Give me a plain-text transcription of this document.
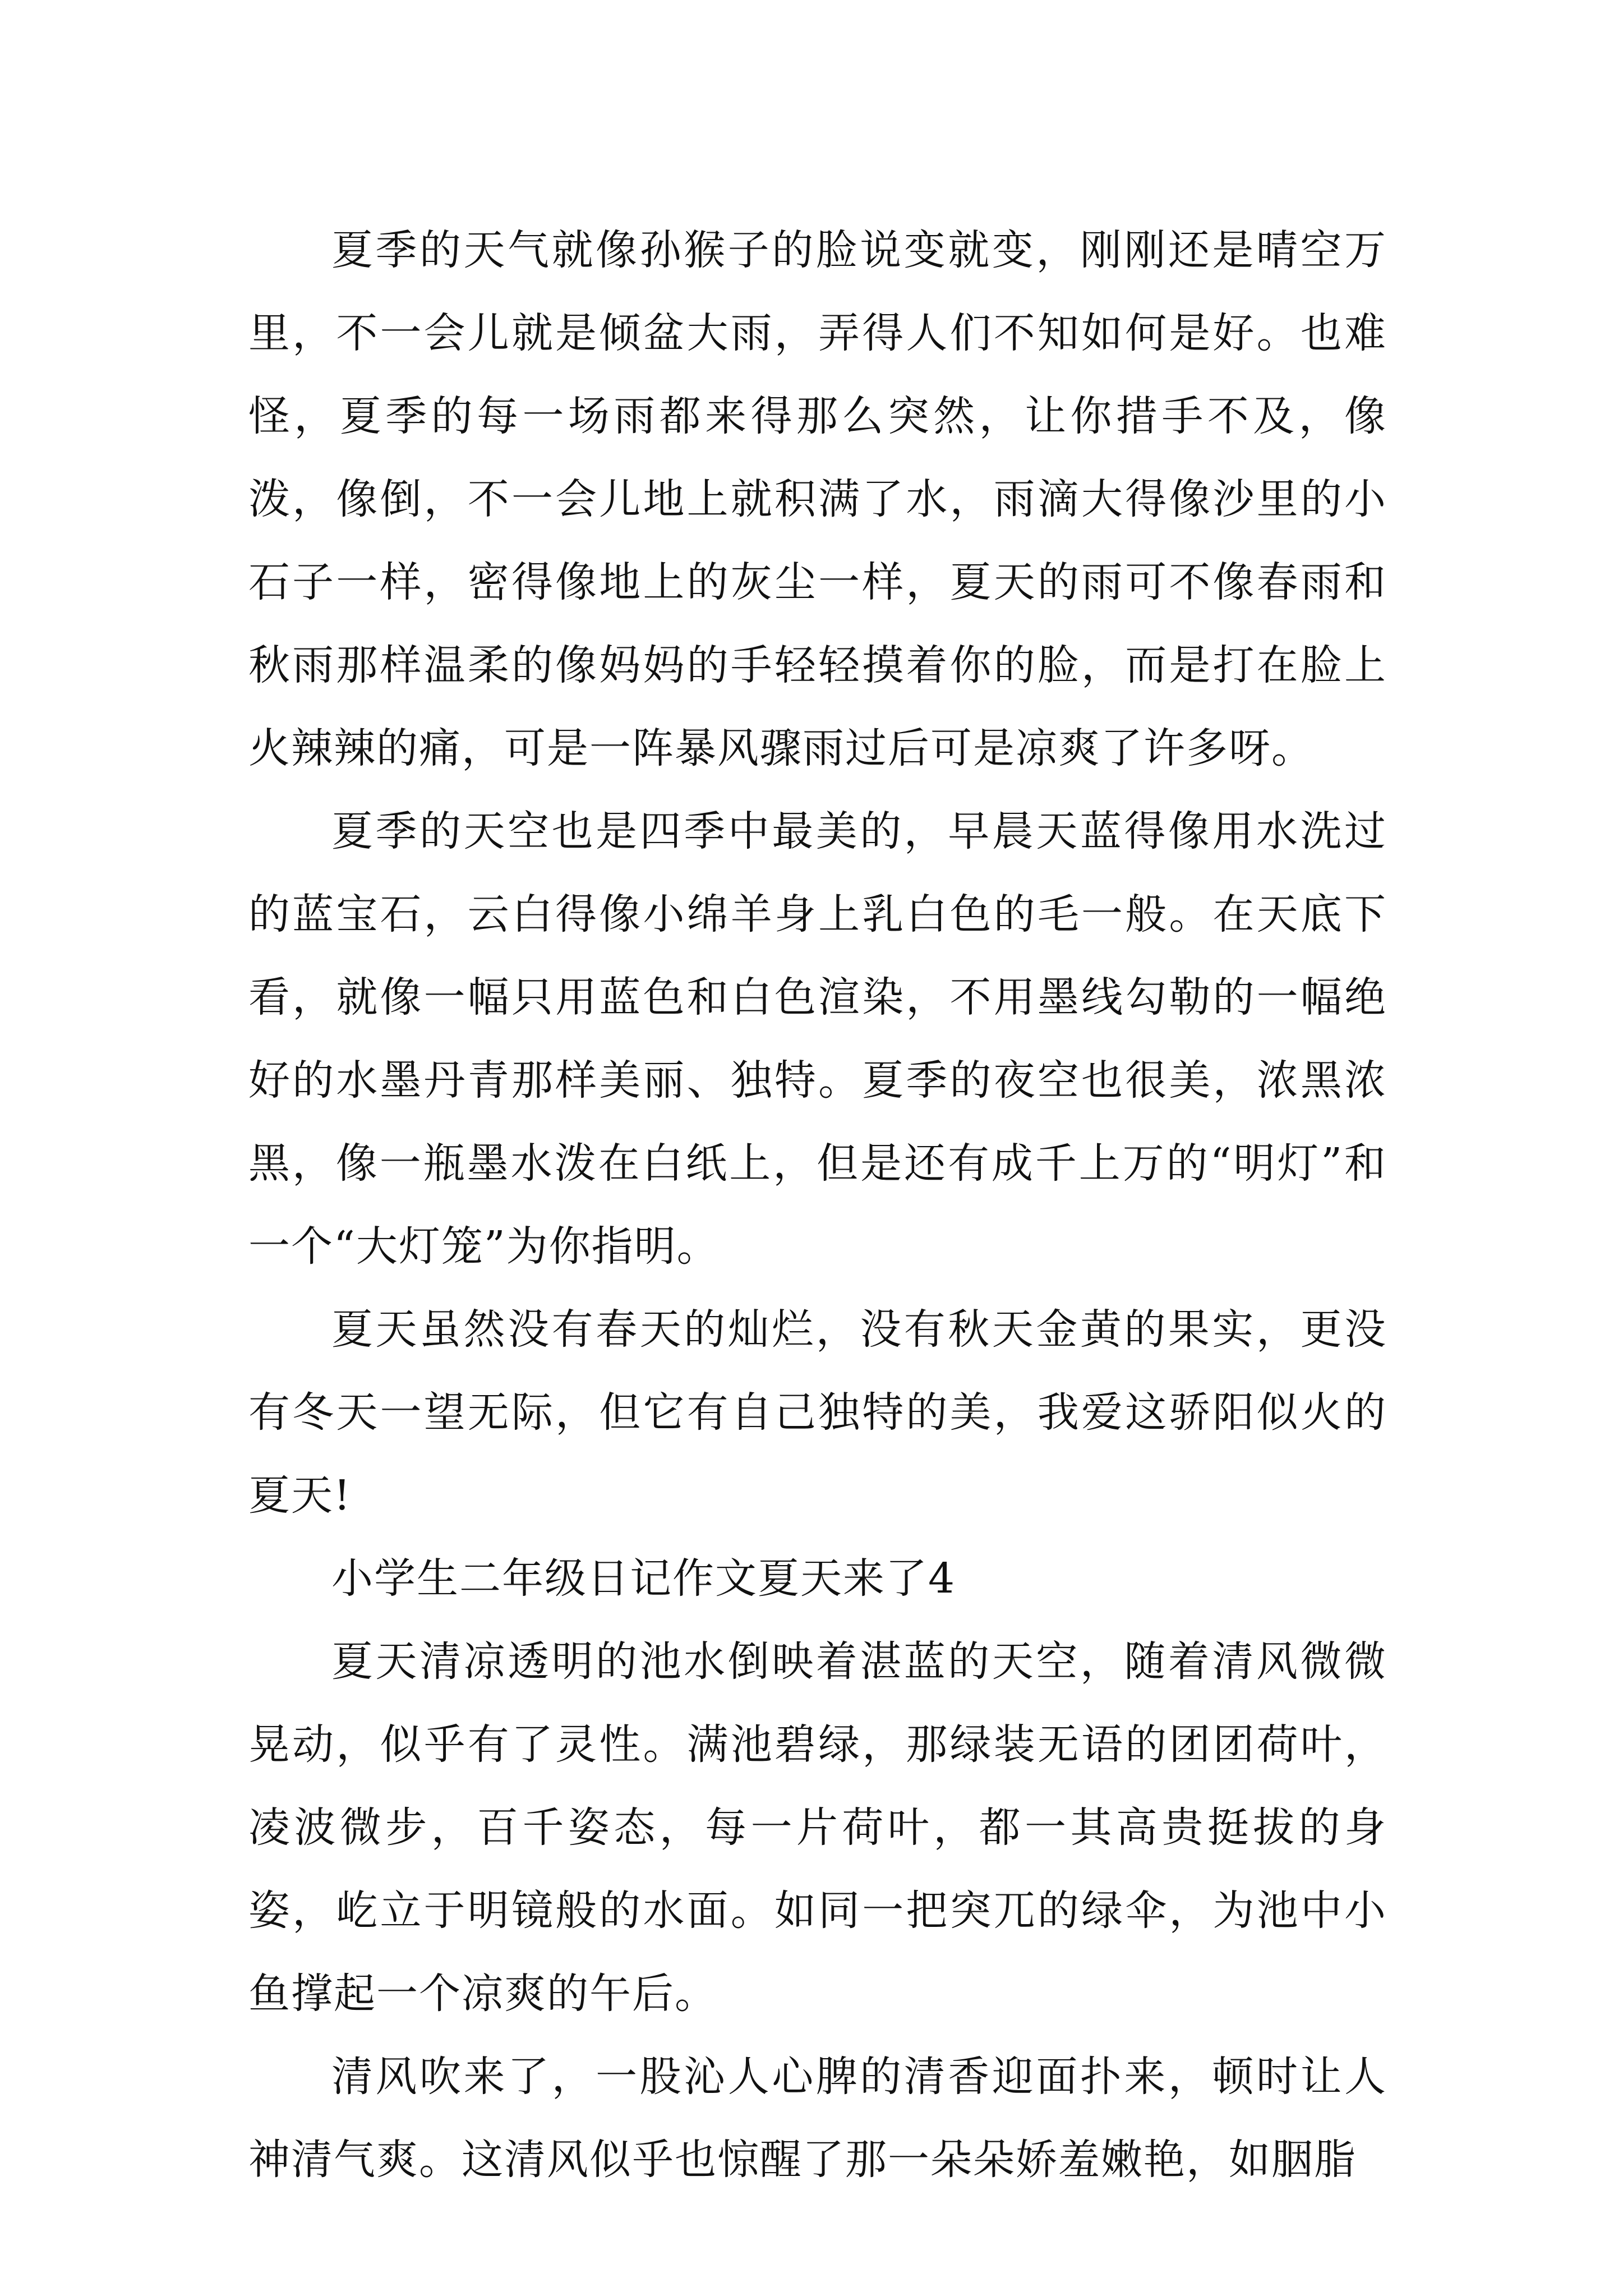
夏季的天气就像孙猴子的脸说变就变，刚刚还是晴空万里，不一会儿就是倾盆大雨，弄得人们不知如何是好。也难怪，夏季的每一场雨都来得那么突然，让你措手不及，像泼，像倒，不一会儿地上就积满了水，雨滴大得像沙里的小石子一样，密得像地上的灰尘一样，夏天的雨可不像春雨和秋雨那样温柔的像妈妈的手轻轻摸着你的脸，而是打在脸上火辣辣的痛，可是一阵暴风骤雨过后可是凉爽了许多呀。

夏季的天空也是四季中最美的，早晨天蓝得像用水洗过的蓝宝石，云白得像小绵羊身上乳白色的毛一般。在天底下看，就像一幅只用蓝色和白色渲染，不用墨线勾勒的一幅绝好的水墨丹青那样美丽、独特。夏季的夜空也很美，浓黑浓黑，像一瓶墨水泼在白纸上，但是还有成千上万的“明灯”和一个“大灯笼”为你指明。

夏天虽然没有春天的灿烂，没有秋天金黄的果实，更没有冬天一望无际，但它有自己独特的美，我爱这骄阳似火的夏天!

小学生二年级日记作文夏天来了4

夏天清凉透明的池水倒映着湛蓝的天空，随着清风微微晃动，似乎有了灵性。满池碧绿，那绿装无语的团团荷叶，凌波微步，百千姿态，每一片荷叶，都一其高贵挺拔的身姿，屹立于明镜般的水面。如同一把突兀的绿伞，为池中小鱼撑起一个凉爽的午后。

清风吹来了，一股沁人心脾的清香迎面扑来，顿时让人神清气爽。这清风似乎也惊醒了那一朵朵娇羞嫩艳，如胭脂
